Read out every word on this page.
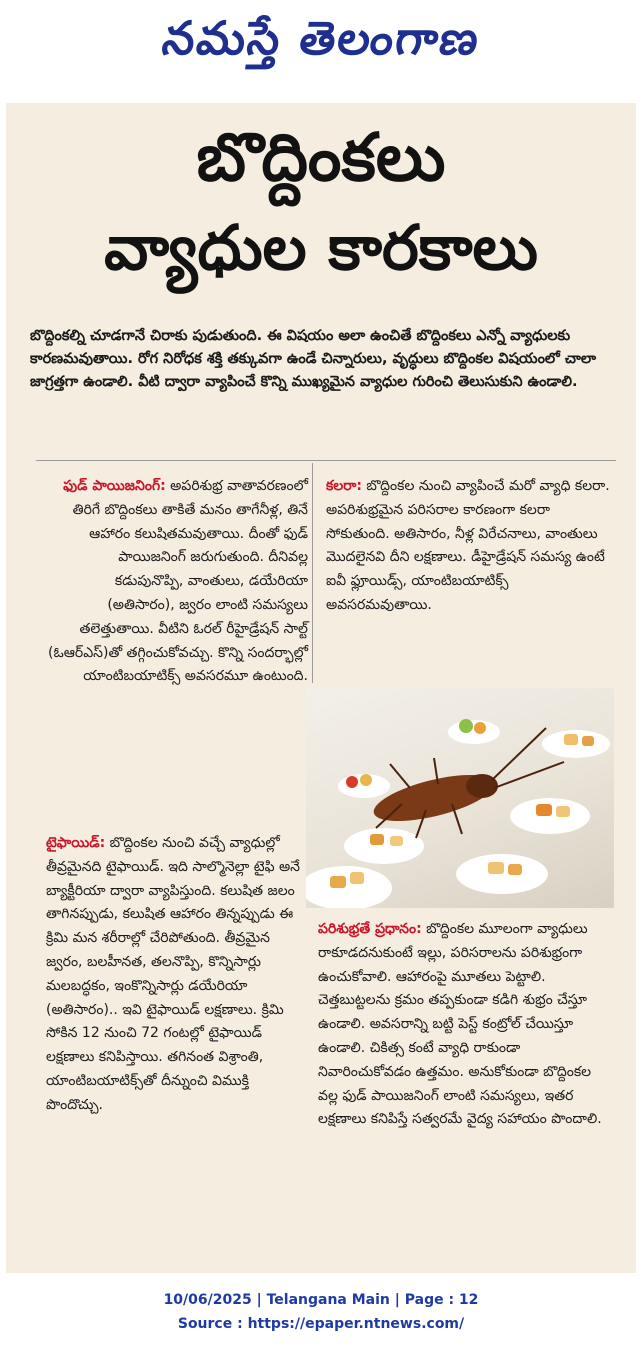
నమస్తే తెలంగాణ
బొద్దింకలు
వ్యాధుల కారకాలు

బొద్దింకల్ని చూడగానే చిరాకు పుడుతుంది. ఈ విషయం అలా ఉంచితే బొద్దింకలు ఎన్నో వ్యాధులకు కారణమవుతాయి. రోగ నిరోధక శక్తి తక్కువగా ఉండే చిన్నారులు, వృద్ధులు బొద్దింకల విషయంలో చాలా జాగ్రత్తగా ఉండాలి. వీటి ద్వారా వ్యాపించే కొన్ని ముఖ్యమైన వ్యాధుల గురించి తెలుసుకుని ఉండాలి.

ఫుడ్ పాయిజనింగ్: అపరిశుభ్ర వాతావరణంలో తిరిగే బొద్దింకలు తాకితే మనం తాగేనీళ్ల, తినే ఆహారం కలుషితమవుతాయి. దీంతో ఫుడ్ పాయిజనింగ్ జరుగుతుంది. దీనివల్ల కడుపునొప్పి, వాంతులు, డయేరియా (అతిసారం), జ్వరం లాంటి సమస్యలు తలెత్తుతాయి. వీటిని ఓరల్ రీహైడ్రేషన్ సాల్ట్ (ఓఆర్ఎస్)తో తగ్గించుకోవచ్చు. కొన్ని సందర్భాల్లో యాంటిబయాటిక్స్ అవసరమూ ఉంటుంది.
కలరా: బొద్దింకల నుంచి వ్యాపించే మరో వ్యాధి కలరా. అపరిశుభ్రమైన పరిసరాల కారణంగా కలరా సోకుతుంది. అతిసారం, నీళ్ల విరేచనాలు, వాంతులు మొదలైనవి దీని లక్షణాలు. డీహైడ్రేషన్ సమస్య ఉంటే ఐవీ ఫ్లూయిడ్స్, యాంటిబయాటిక్స్ అవసరమవుతాయి.
టైఫాయిడ్: బొద్దింకల నుంచి వచ్చే వ్యాధుల్లో తీవ్రమైనది టైఫాయిడ్. ఇది సాల్మొనెల్లా టైఫి అనే బ్యాక్టీరియా ద్వారా వ్యాపిస్తుంది. కలుషిత జలం తాగినప్పుడు, కలుషిత ఆహారం తిన్నప్పుడు ఈ క్రిమి మన శరీరాల్లో చేరిపోతుంది. తీవ్రమైన జ్వరం, బలహీనత, తలనొప్పి, కొన్నిసార్లు మలబద్ధకం, ఇంకొన్నిసార్లు డయేరియా (అతిసారం).. ఇవి టైఫాయిడ్ లక్షణాలు. క్రిమి సోకిన 12 నుంచి 72 గంటల్లో టైఫాయిడ్ లక్షణాలు కనిపిస్తాయి. తగినంత విశ్రాంతి, యాంటిబయాటిక్స్‌తో దీన్నుంచి విముక్తి పొందొచ్చు.
పరిశుభ్రతే ప్రధానం: బొద్దింకల మూలంగా వ్యాధులు రాకూడదనుకుంటే ఇల్లు, పరిసరాలను పరిశుభ్రంగా ఉంచుకోవాలి. ఆహారంపై మూతలు పెట్టాలి. చెత్తబుట్టలను క్రమం తప్పకుండా కడిగి శుభ్రం చేస్తూ ఉండాలి. అవసరాన్ని బట్టి పెస్ట్ కంట్రోల్ చేయిస్తూ ఉండాలి. చికిత్స కంటే వ్యాధి రాకుండా నివారించుకోవడం ఉత్తమం. అనుకోకుండా బొద్దింకల వల్ల ఫుడ్ పాయిజనింగ్ లాంటి సమస్యలు, ఇతర లక్షణాలు కనిపిస్తే సత్వరమే వైద్య సహాయం పొందాలి.
10/06/2025 | Telangana Main | Page : 12
Source : https://epaper.ntnews.com/
